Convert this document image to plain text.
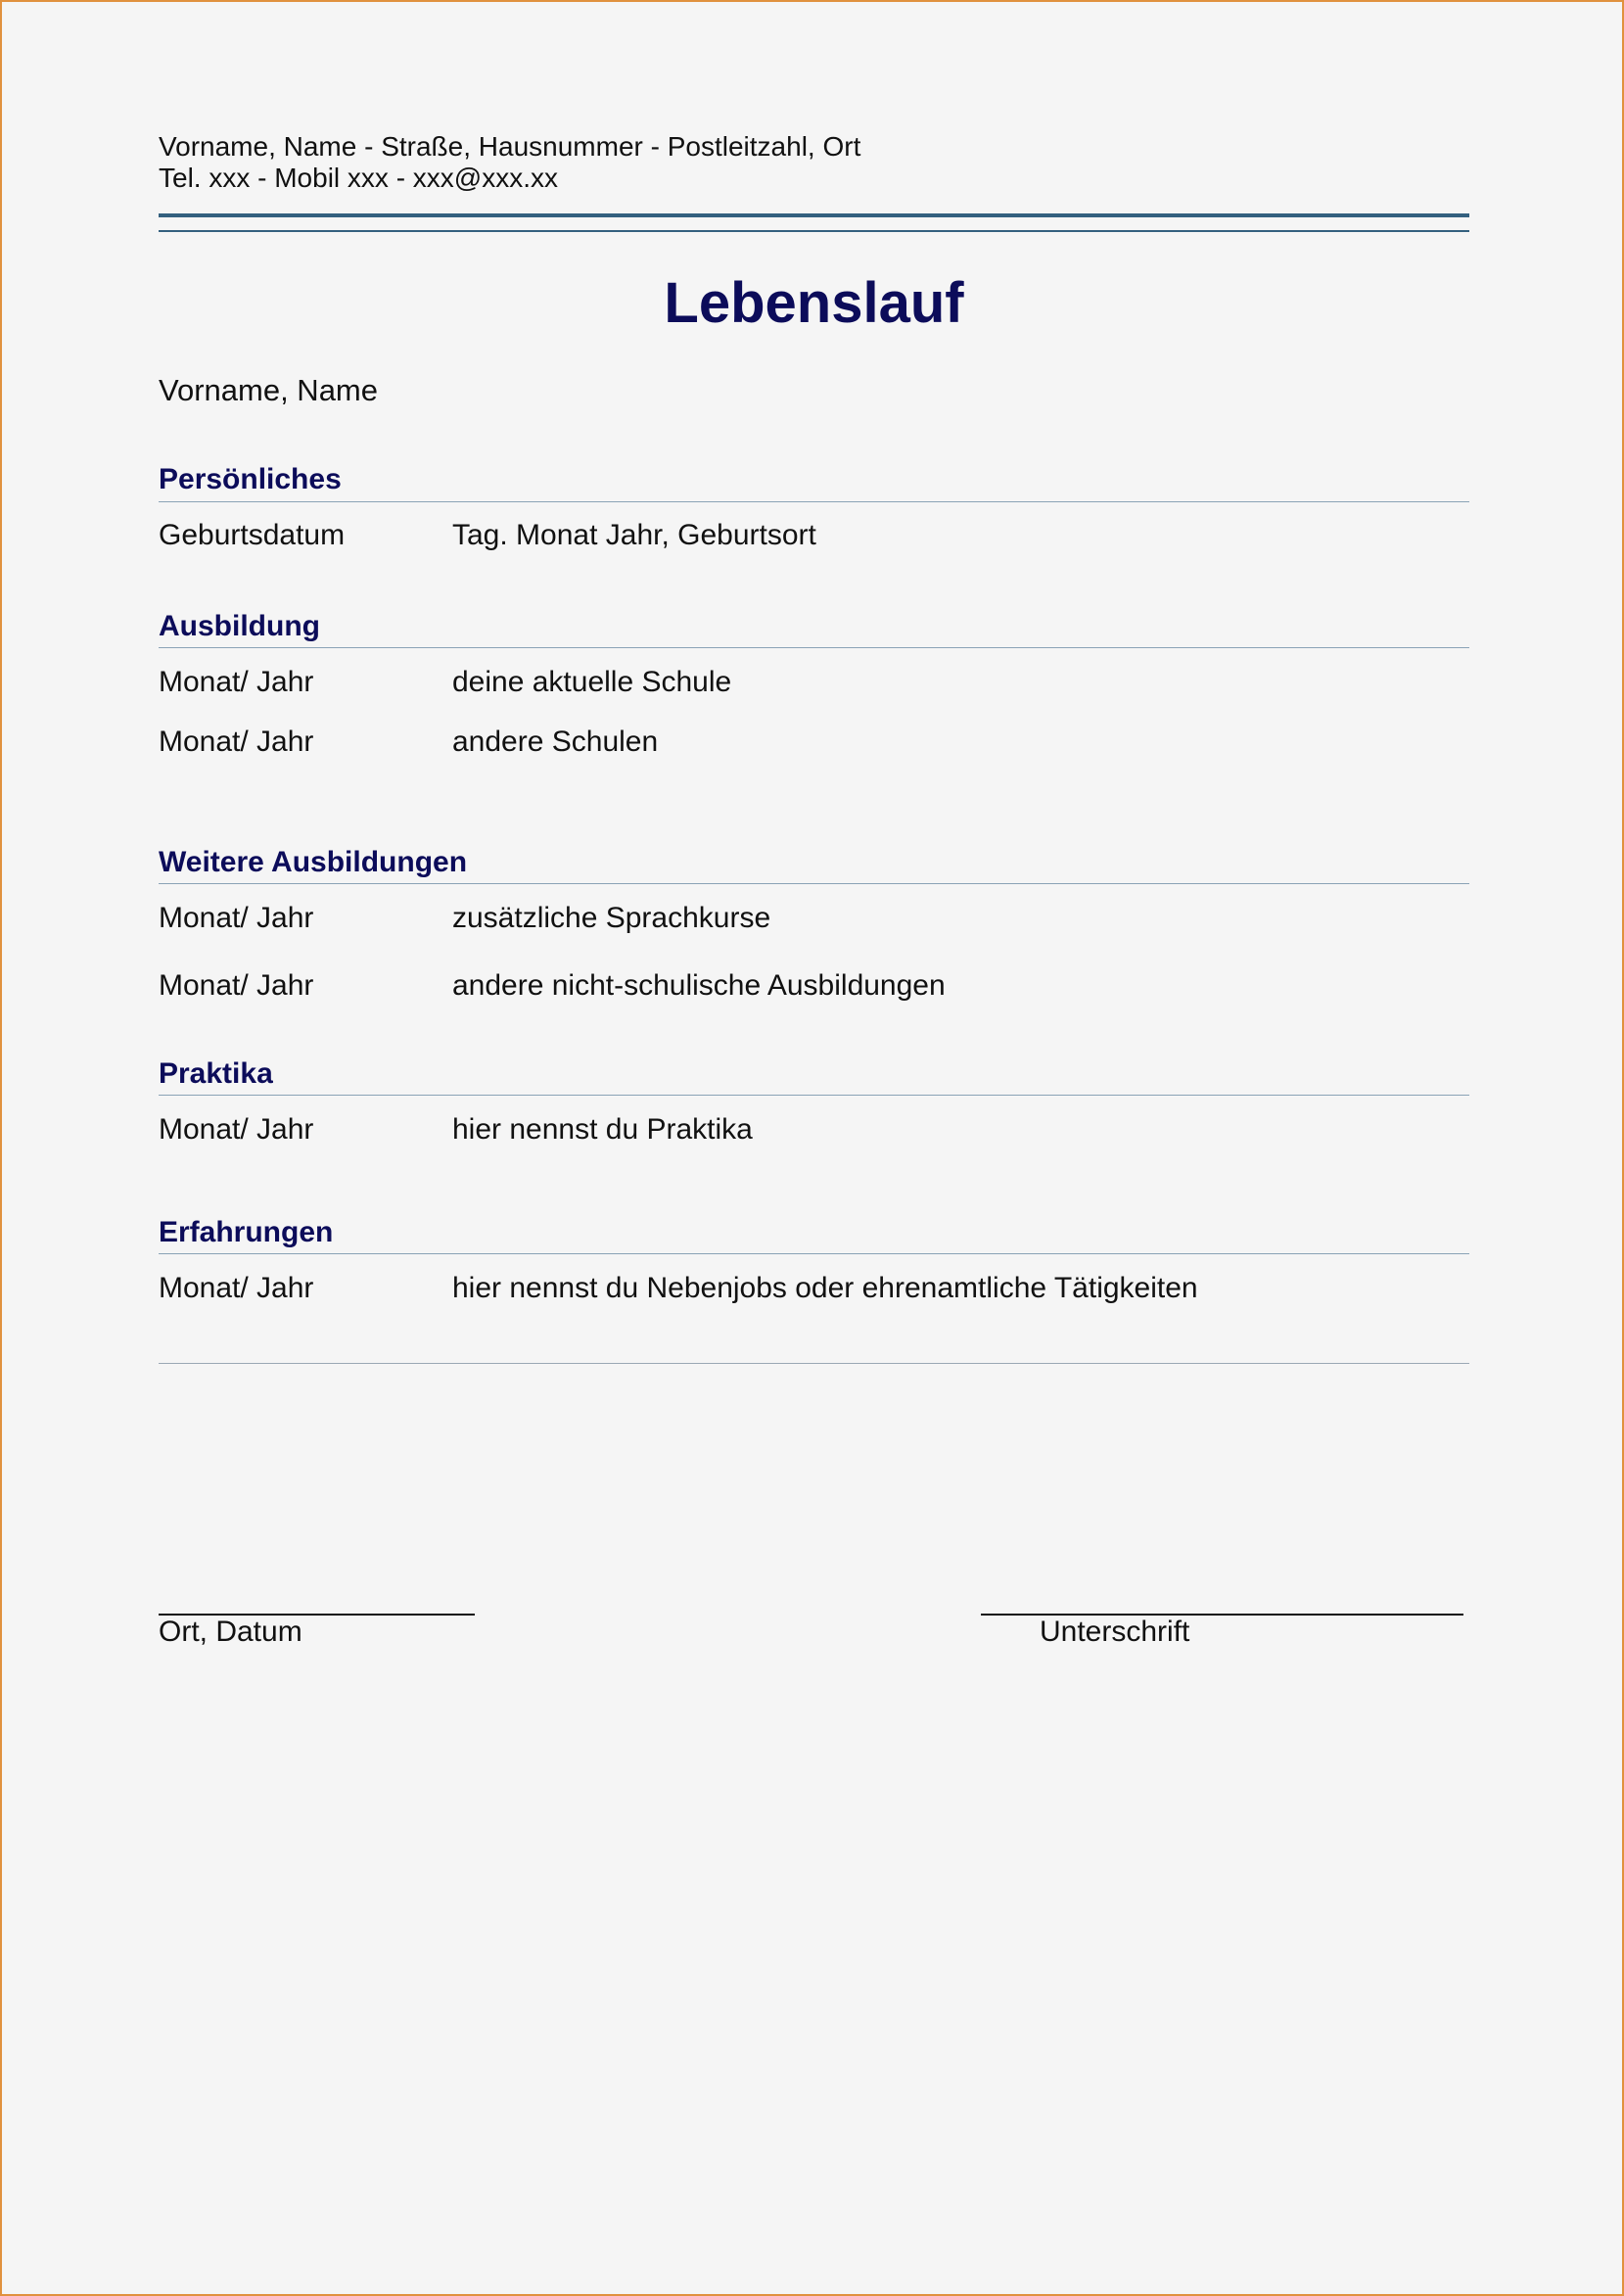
Vorname, Name - Straße, Hausnummer - Postleitzahl, Ort
Tel. xxx - Mobil xxx - xxx@xxx.xx
Lebenslauf
Vorname, Name
Persönliches
Geburtsdatum	Tag. Monat Jahr, Geburtsort
Ausbildung
Monat/ Jahr	deine aktuelle Schule
Monat/ Jahr	andere Schulen
Weitere Ausbildungen
Monat/ Jahr	zusätzliche Sprachkurse
Monat/ Jahr	andere nicht-schulische Ausbildungen
Praktika
Monat/ Jahr	hier nennst du Praktika
Erfahrungen
Monat/ Jahr	hier nennst du Nebenjobs oder ehrenamtliche Tätigkeiten
Ort, Datum	Unterschrift
